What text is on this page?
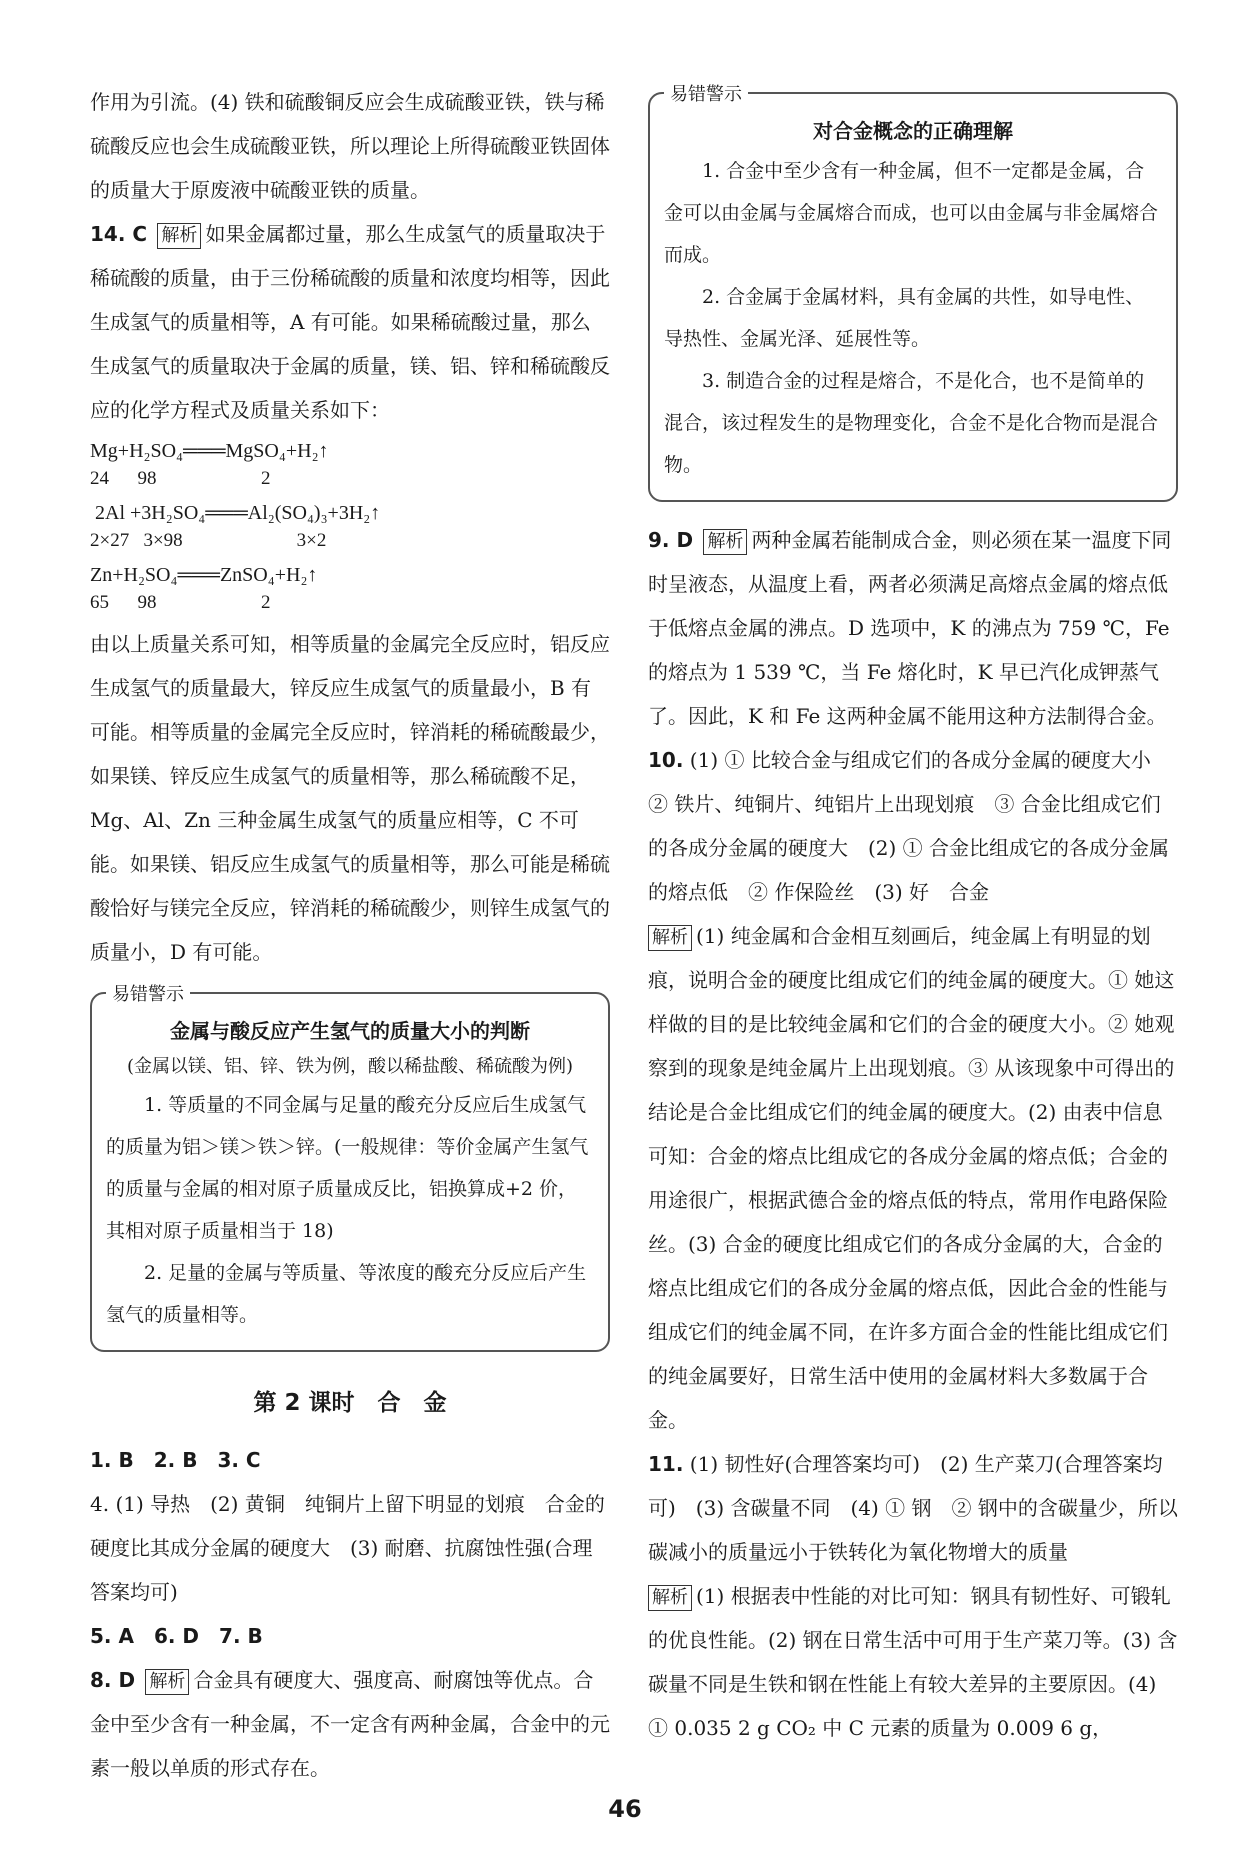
作用为引流。(4) 铁和硫酸铜反应会生成硫酸亚铁，铁与稀硫酸反应也会生成硫酸亚铁，所以理论上所得硫酸亚铁固体的质量大于原废液中硫酸亚铁的质量。

14. C 解析 如果金属都过量，那么生成氢气的质量取决于稀硫酸的质量，由于三份稀硫酸的质量和浓度均相等，因此生成氢气的质量相等，A 有可能。如果稀硫酸过量，那么生成氢气的质量取决于金属的质量，镁、铝、锌和稀硫酸反应的化学方程式及质量关系如下：

Mg+H₂SO₄═══MgSO₄+H₂↑

24      98                      2

2Al +3H₂SO₄═══Al₂(SO₄)₃+3H₂↑

2×27   3×98                        3×2

Zn+H₂SO₄═══ZnSO₄+H₂↑

65      98                      2

由以上质量关系可知，相等质量的金属完全反应时，铝反应生成氢气的质量最大，锌反应生成氢气的质量最小，B 有可能。相等质量的金属完全反应时，锌消耗的稀硫酸最少，如果镁、锌反应生成氢气的质量相等，那么稀硫酸不足，Mg、Al、Zn 三种金属生成氢气的质量应相等，C 不可能。如果镁、铝反应生成氢气的质量相等，那么可能是稀硫酸恰好与镁完全反应，锌消耗的稀硫酸少，则锌生成氢气的质量小，D 有可能。

易错警示

金属与酸反应产生氢气的质量大小的判断

(金属以镁、铝、锌、铁为例，酸以稀盐酸、稀硫酸为例)

1. 等质量的不同金属与足量的酸充分反应后生成氢气的质量为铝＞镁＞铁＞锌。(一般规律：等价金属产生氢气的质量与金属的相对原子质量成反比，铝换算成+2 价，其相对原子质量相当于 18)

2. 足量的金属与等质量、等浓度的酸充分反应后产生氢气的质量相等。

第 2 课时　合　金

1. B　2. B　3. C

4. (1) 导热　(2) 黄铜　纯铜片上留下明显的划痕　合金的硬度比其成分金属的硬度大　(3) 耐磨、抗腐蚀性强(合理答案均可)

5. A　6. D　7. B

8. D 解析 合金具有硬度大、强度高、耐腐蚀等优点。合金中至少含有一种金属，不一定含有两种金属，合金中的元素一般以单质的形式存在。

易错警示

对合金概念的正确理解

1. 合金中至少含有一种金属，但不一定都是金属，合金可以由金属与金属熔合而成，也可以由金属与非金属熔合而成。

2. 合金属于金属材料，具有金属的共性，如导电性、导热性、金属光泽、延展性等。

3. 制造合金的过程是熔合，不是化合，也不是简单的混合，该过程发生的是物理变化，合金不是化合物而是混合物。

9. D 解析 两种金属若能制成合金，则必须在某一温度下同时呈液态，从温度上看，两者必须满足高熔点金属的熔点低于低熔点金属的沸点。D 选项中，K 的沸点为 759 ℃，Fe 的熔点为 1 539 ℃，当 Fe 熔化时，K 早已汽化成钾蒸气了。因此，K 和 Fe 这两种金属不能用这种方法制得合金。

10. (1) ① 比较合金与组成它们的各成分金属的硬度大小　② 铁片、纯铜片、纯铝片上出现划痕　③ 合金比组成它们的各成分金属的硬度大　(2) ① 合金比组成它的各成分金属的熔点低　② 作保险丝　(3) 好　合金

解析 (1) 纯金属和合金相互刻画后，纯金属上有明显的划痕，说明合金的硬度比组成它们的纯金属的硬度大。① 她这样做的目的是比较纯金属和它们的合金的硬度大小。② 她观察到的现象是纯金属片上出现划痕。③ 从该现象中可得出的结论是合金比组成它们的纯金属的硬度大。(2) 由表中信息可知：合金的熔点比组成它的各成分金属的熔点低；合金的用途很广，根据武德合金的熔点低的特点，常用作电路保险丝。(3) 合金的硬度比组成它们的各成分金属的大，合金的熔点比组成它们的各成分金属的熔点低，因此合金的性能与组成它们的纯金属不同，在许多方面合金的性能比组成它们的纯金属要好，日常生活中使用的金属材料大多数属于合金。

11. (1) 韧性好(合理答案均可)　(2) 生产菜刀(合理答案均可)　(3) 含碳量不同　(4) ① 钢　② 钢中的含碳量少，所以碳减小的质量远小于铁转化为氧化物增大的质量

解析 (1) 根据表中性能的对比可知：钢具有韧性好、可锻轧的优良性能。(2) 钢在日常生活中可用于生产菜刀等。(3) 含碳量不同是生铁和钢在性能上有较大差异的主要原因。(4) ① 0.035 2 g CO₂ 中 C 元素的质量为 0.009 6 g，

46
